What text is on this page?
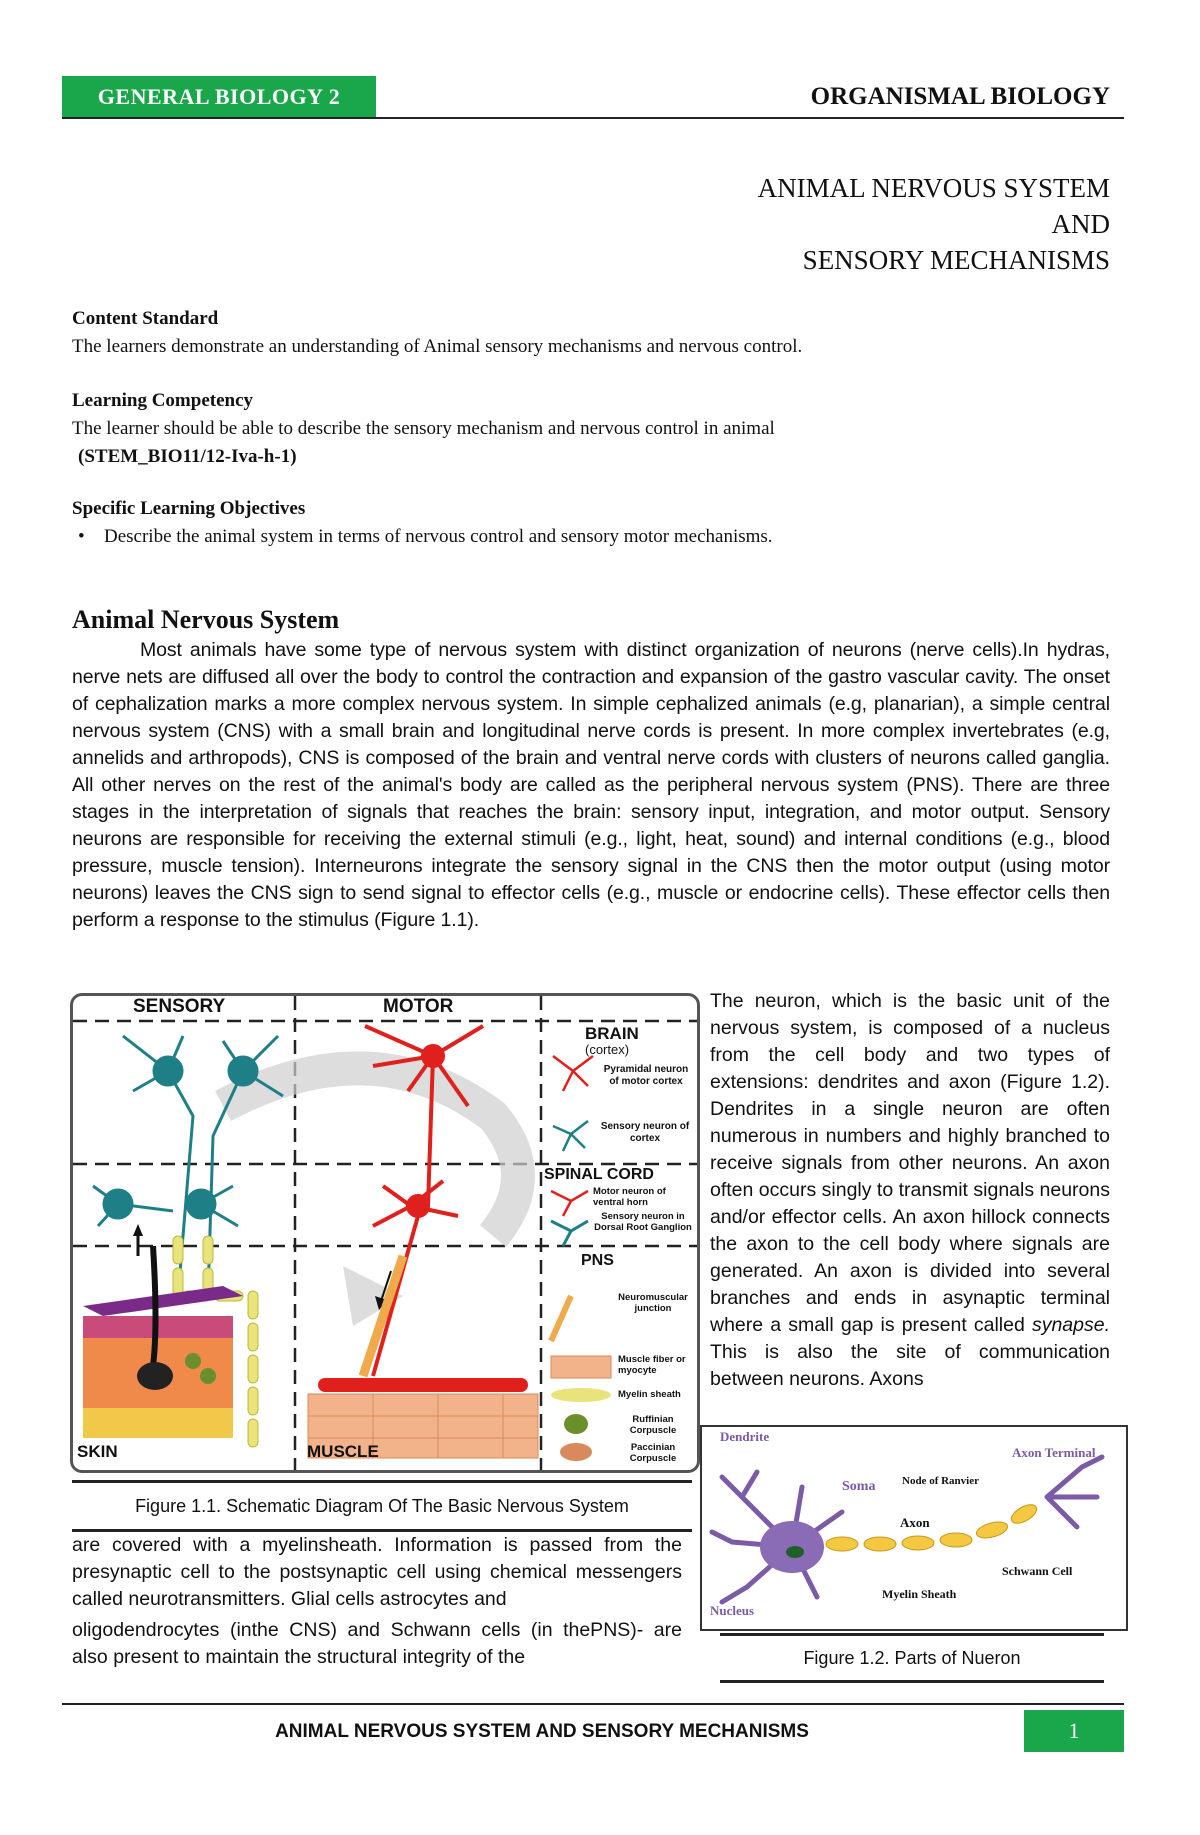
GENERAL BIOLOGY 2	ORGANISMAL BIOLOGY
ANIMAL NERVOUS SYSTEM
AND
SENSORY MECHANISMS
Content Standard
The learners demonstrate an understanding of Animal sensory mechanisms and nervous control.
Learning Competency
The learner should be able to describe the sensory mechanism and nervous control in animal
(STEM_BIO11/12-Iva-h-1)
Specific Learning Objectives
• Describe the animal system in terms of nervous control and sensory motor mechanisms.
Animal Nervous System

Most animals have some type of nervous system with distinct organization of neurons (nerve cells).In hydras, nerve nets are diffused all over the body to control the contraction and expansion of the gastro vascular cavity. The onset of cephalization marks a more complex nervous system. In simple cephalized animals (e.g, planarian), a simple central nervous system (CNS) with a small brain and longitudinal nerve cords is present. In more complex invertebrates (e.g, annelids and arthropods), CNS is composed of the brain and ventral nerve cords with clusters of neurons called ganglia. All other nerves on the rest of the animal's body are called as the peripheral nervous system (PNS). There are three stages in the interpretation of signals that reaches the brain: sensory input, integration, and motor output. Sensory neurons are responsible for receiving the external stimuli (e.g., light, heat, sound) and internal conditions (e.g., blood pressure, muscle tension). Interneurons integrate the sensory signal in the CNS then the motor output (using motor neurons) leaves the CNS sign to send signal to effector cells (e.g., muscle or endocrine cells). These effector cells then perform a response to the stimulus (Figure 1.1).

SENSORY	MOTOR
BRAIN
(cortex)
Pyramidal neuron of motor cortex
Sensory neuron of cortex
SPINAL CORD
Motor neuron of ventral horn
Sensory neuron in Dorsal Root Ganglion
PNS
Neuromuscular junction
Muscle fiber or myocyte
Myelin sheath
Ruffinian Corpuscle
Paccinian Corpuscle
SKIN	MUSCLE
Figure 1.1. Schematic Diagram Of The Basic Nervous System
The neuron, which is the basic unit of the nervous system, is composed of a nucleus from the cell body and two types of extensions: dendrites and axon (Figure 1.2). Dendrites in a single neuron are often numerous in numbers and highly branched to receive signals from other neurons. An axon often occurs singly to transmit signals neurons and/or effector cells. An axon hillock connects the axon to the cell body where signals are generated. An axon is divided into several branches and ends in asynaptic terminal where a small gap is present called synapse. This is also the site of communication between neurons. Axons
Dendrite
Axon Terminal
Soma Node of Ranvier
Axon
Schwann Cell
Myelin Sheath
Nucleus
Figure 1.2. Parts of Nueron

are covered with a myelinsheath. Information is passed from the presynaptic cell to the postsynaptic cell using chemical messengers called neurotransmitters. Glial cells astrocytes and

oligodendrocytes (inthe CNS) and Schwann cells (in thePNS)- are also present to maintain the structural integrity of the

ANIMAL NERVOUS SYSTEM AND SENSORY MECHANISMS	1
